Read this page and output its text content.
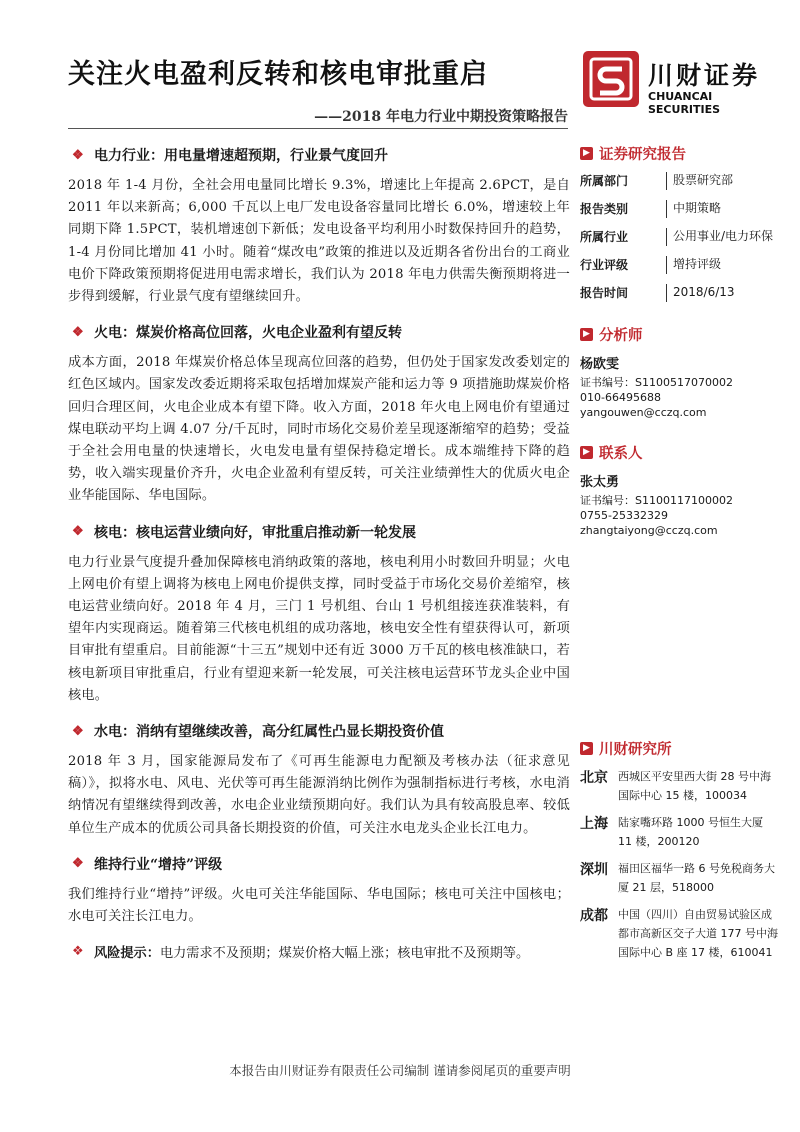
关注火电盈利反转和核电审批重启
——2018 年电力行业中期投资策略报告
川财证券
CHUANCAI SECURITIES
❖ 电力行业： 用电量增速超预期，行业景气度回升

2018 年 1-4 月份，全社会用电量同比增长 9.3%，增速比上年提高 2.6PCT，是自 2011 年以来新高；6,000 千瓦以上电厂发电设备容量同比增长 6.0%，增速较上年同期下降 1.5PCT，装机增速创下新低；发电设备平均利用小时数保持回升的趋势，1-4 月份同比增加 41 小时。随着“煤改电”政策的推进以及近期各省份出台的工商业电价下降政策预期将促进用电需求增长，我们认为 2018 年电力供需失衡预期将进一步得到缓解，行业景气度有望继续回升。

❖ 火电： 煤炭价格高位回落，火电企业盈利有望反转

成本方面，2018 年煤炭价格总体呈现高位回落的趋势，但仍处于国家发改委划定的红色区域内。国家发改委近期将采取包括增加煤炭产能和运力等 9 项措施助煤炭价格回归合理区间，火电企业成本有望下降。收入方面，2018 年火电上网电价有望通过煤电联动平均上调 4.07 分/千瓦时，同时市场化交易价差呈现逐渐缩窄的趋势；受益于全社会用电量的快速增长，火电发电量有望保持稳定增长。成本端维持下降的趋势，收入端实现量价齐升，火电企业盈利有望反转，可关注业绩弹性大的优质火电企业华能国际、华电国际。

❖ 核电： 核电运营业绩向好，审批重启推动新一轮发展

电力行业景气度提升叠加保障核电消纳政策的落地，核电利用小时数回升明显；火电上网电价有望上调将为核电上网电价提供支撑，同时受益于市场化交易价差缩窄，核电运营业绩向好。2018 年 4 月，三门 1 号机组、台山 1 号机组接连获准装料，有望年内实现商运。随着第三代核电机组的成功落地，核电安全性有望获得认可，新项目审批有望重启。目前能源“十三五”规划中还有近 3000 万千瓦的核电核准缺口，若核电新项目审批重启，行业有望迎来新一轮发展，可关注核电运营环节龙头企业中国核电。

❖ 水电： 消纳有望继续改善，高分红属性凸显长期投资价值

2018 年 3 月，国家能源局发布了《可再生能源电力配额及考核办法（征求意见稿）》，拟将水电、风电、光伏等可再生能源消纳比例作为强制指标进行考核，水电消纳情况有望继续得到改善，水电企业业绩预期向好。我们认为具有较高股息率、较低单位生产成本的优质公司具备长期投资的价值，可关注水电龙头企业长江电力。

❖ 维持行业“增持”评级

我们维持行业“增持”评级。火电可关注华能国际、华电国际；核电可关注中国核电；水电可关注长江电力。

❖ 风险提示： 电力需求不及预期；煤炭价格大幅上涨；核电审批不及预期等。
▶ 证券研究报告
所属部门	股票研究部
报告类别	中期策略
所属行业	公用事业/电力环保
行业评级	增持评级
报告时间	2018/6/13
▶ 分析师
杨欧雯
证书编号：S1100517070002
010-66495688
yangouwen@cczq.com
▶ 联系人
张太勇
证书编号：S1100117100002
0755-25332329
zhangtaiyong@cczq.com
▶ 川财研究所
北京 西城区平安里西大街 28 号中海国际中心 15 楼，100034
上海 陆家嘴环路 1000 号恒生大厦 11 楼，200120
深圳 福田区福华一路 6 号免税商务大厦 21 层，518000
成都 中国（四川）自由贸易试验区成都市高新区交子大道 177 号中海国际中心 B 座 17 楼，610041
本报告由川财证券有限责任公司编制 谨请参阅尾页的重要声明
